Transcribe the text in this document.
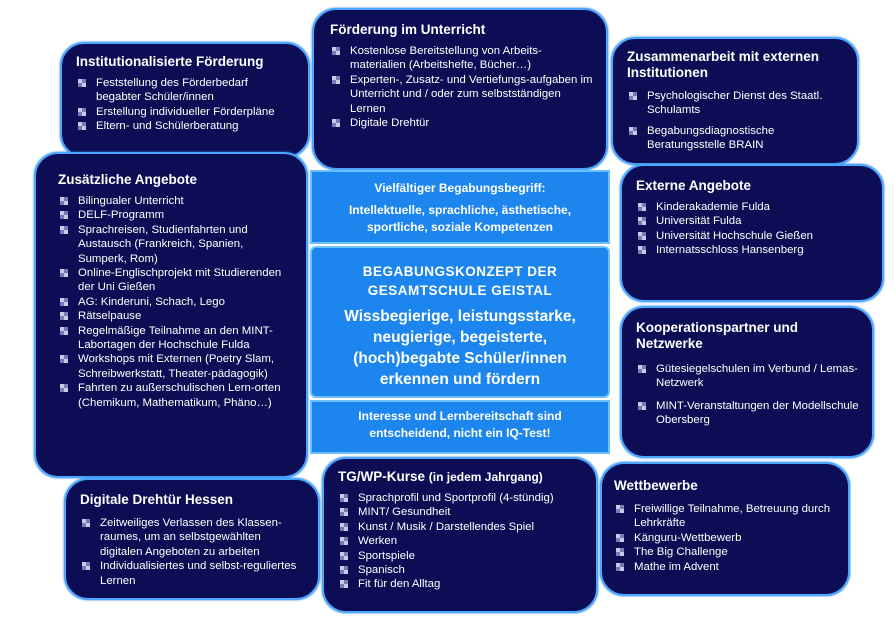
Institutionalisierte Förderung
Feststellung des Förderbedarf begabter Schüler/innen
Erstellung individueller Förderpläne
Eltern- und Schülerberatung
Förderung im Unterricht
Kostenlose Bereitstellung von Arbeits-materialien (Arbeitshefte, Bücher…)
Experten-, Zusatz- und Vertiefungs-aufgaben im Unterricht und / oder zum selbstständigen Lernen
Digitale Drehtür
Zusammenarbeit mit externen Institutionen
Psychologischer Dienst des Staatl. Schulamts
Begabungsdiagnostische Beratungsstelle BRAIN
Zusätzliche Angebote
Bilingualer Unterricht
DELF-Programm
Sprachreisen, Studienfahrten und Austausch (Frankreich, Spanien, Sumperk, Rom)
Online-Englischprojekt mit Studierenden der Uni Gießen
AG: Kinderuni, Schach, Lego
Rätselpause
Regelmäßige Teilnahme an den MINT-Labortagen der Hochschule Fulda
Workshops mit Externen (Poetry Slam, Schreibwerkstatt, Theater-pädagogik)
Fahrten zu außerschulischen Lern-orten (Chemikum, Mathematikum, Phäno…)
Vielfältiger Begabungsbegriff:
Intellektuelle, sprachliche, ästhetische, sportliche, soziale Kompetenzen
BEGABUNGSKONZEPT DER GESAMTSCHULE GEISTAL
Wissbegierige, leistungsstarke, neugierige, begeisterte, (hoch)begabte Schüler/innen erkennen und fördern
Interesse und Lernbereitschaft sind entscheidend, nicht ein IQ-Test!
Externe Angebote
Kinderakademie Fulda
Universität Fulda
Universität Hochschule Gießen
Internatsschloss Hansenberg
Kooperationspartner und Netzwerke
Gütesiegelschulen im Verbund / Lemas-Netzwerk
MINT-Veranstaltungen der Modellschule Obersberg
Digitale Drehtür Hessen
Zeitweiliges Verlassen des Klassen-raumes, um an selbstgewählten digitalen Angeboten zu arbeiten
Individualisiertes und selbst-reguliertes Lernen
TG/WP-Kurse (in jedem Jahrgang)
Sprachprofil und Sportprofil (4-stündig)
MINT/ Gesundheit
Kunst / Musik / Darstellendes Spiel
Werken
Sportspiele
Spanisch
Fit für den Alltag
Wettbewerbe
Freiwillige Teilnahme, Betreuung durch Lehrkräfte
Känguru-Wettbewerb
The Big Challenge
Mathe im Advent
